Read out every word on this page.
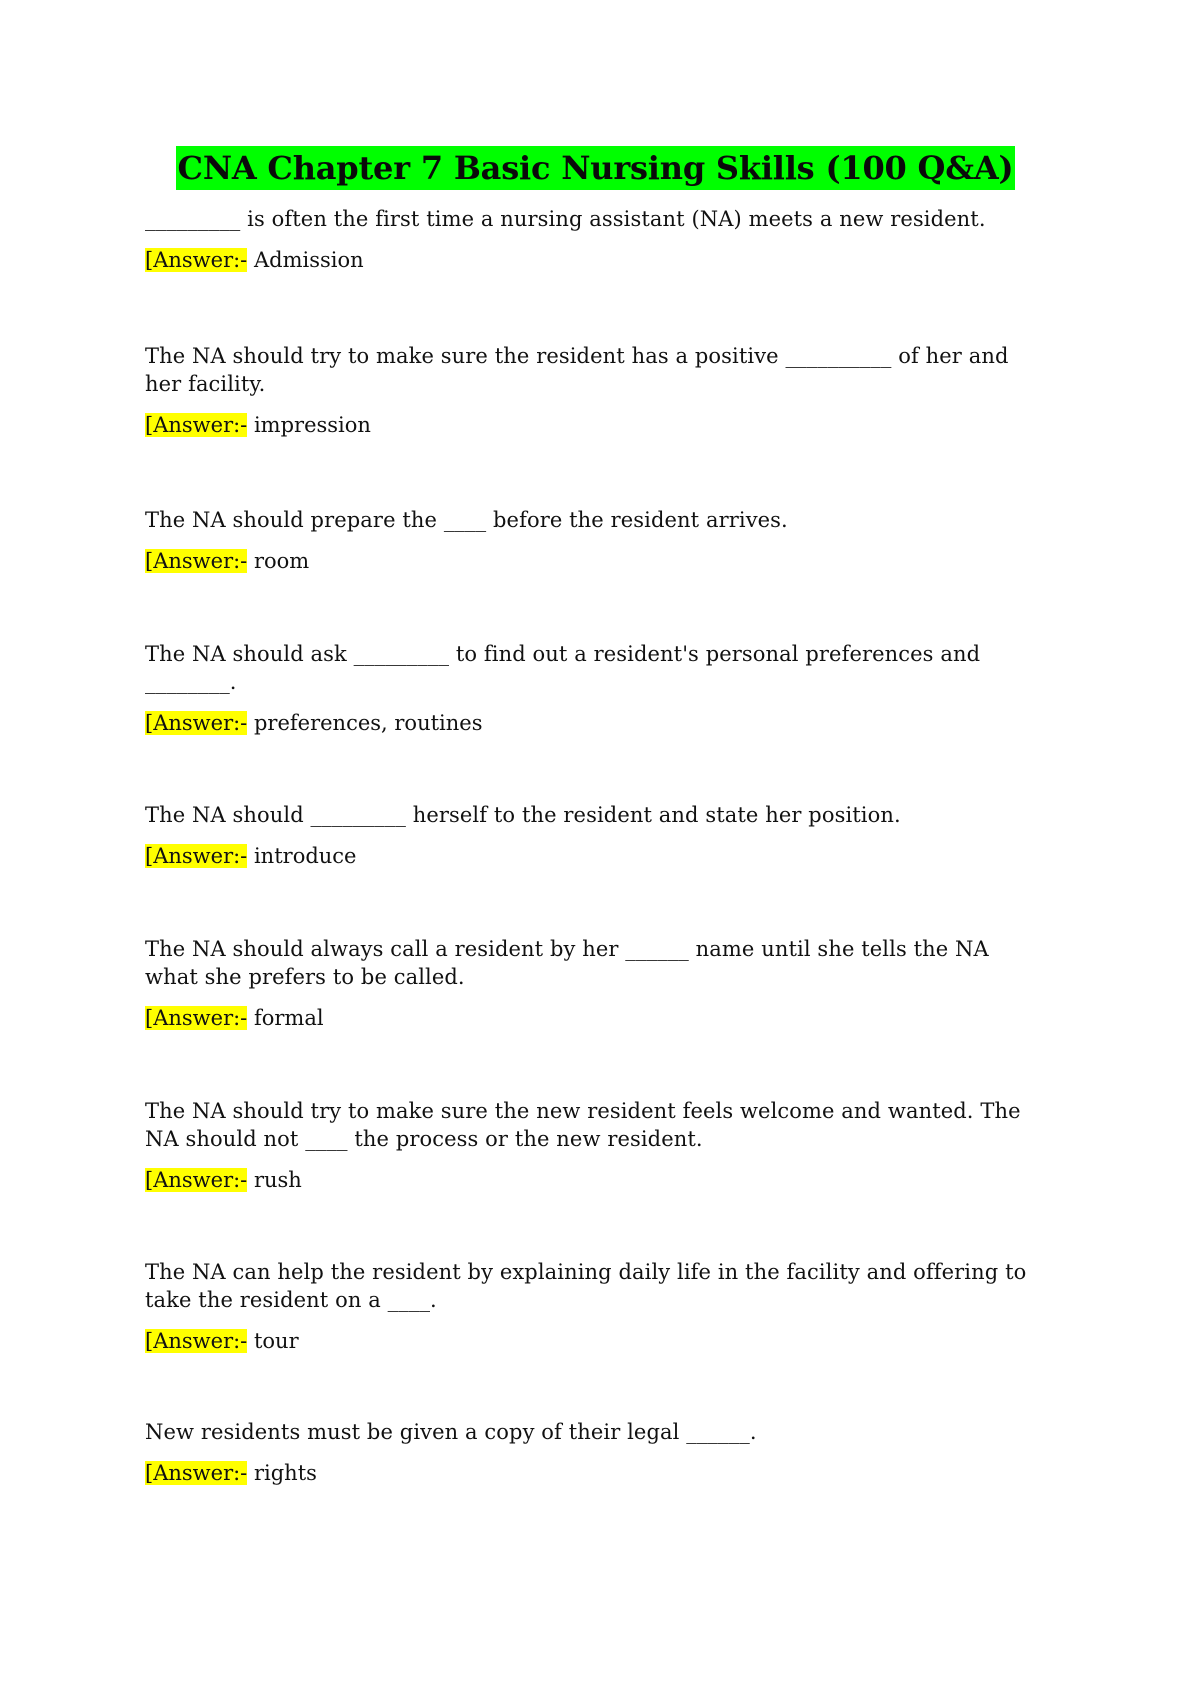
CNA Chapter 7 Basic Nursing Skills (100 Q&A)

_________ is often the first time a nursing assistant (NA) meets a new resident.

[Answer:- Admission

The NA should try to make sure the resident has a positive __________ of her and her facility.

[Answer:- impression

The NA should prepare the ____ before the resident arrives.

[Answer:- room

The NA should ask _________ to find out a resident's personal preferences and ________.

[Answer:- preferences, routines

The NA should _________ herself to the resident and state her position.

[Answer:- introduce

The NA should always call a resident by her ______ name until she tells the NA what she prefers to be called.

[Answer:- formal

The NA should try to make sure the new resident feels welcome and wanted. The NA should not ____ the process or the new resident.

[Answer:- rush

The NA can help the resident by explaining daily life in the facility and offering to take the resident on a ____.

[Answer:- tour

New residents must be given a copy of their legal ______.

[Answer:- rights
